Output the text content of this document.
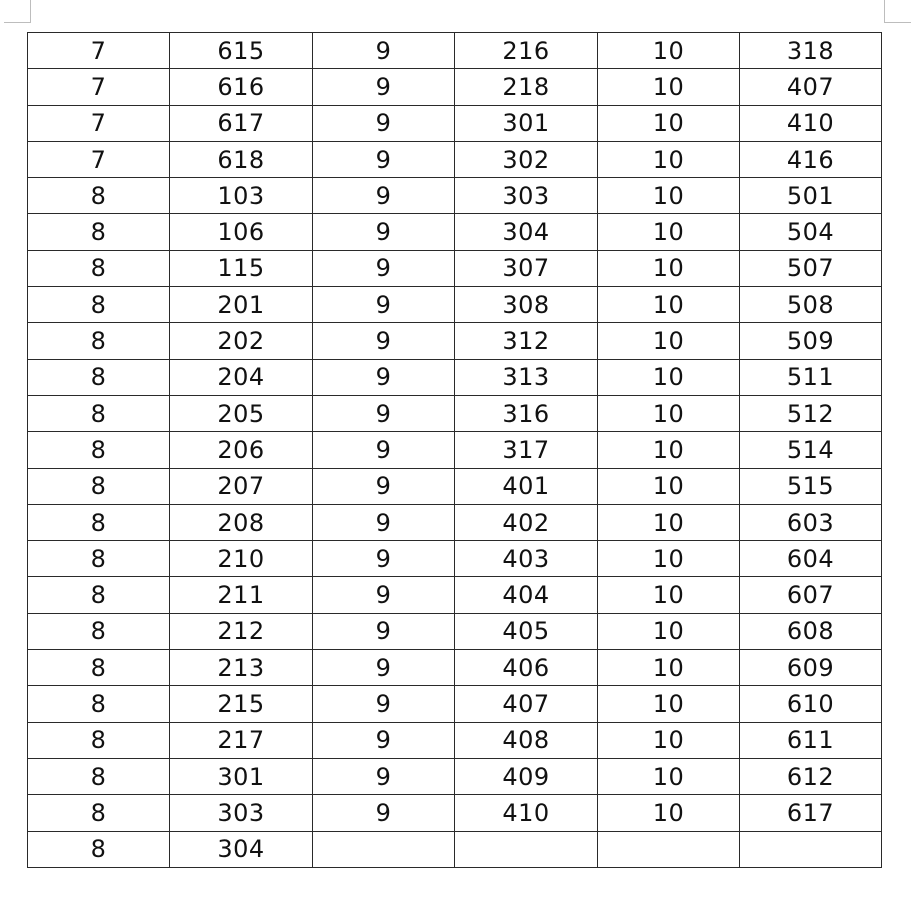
7	615	9	216	10	318
7	616	9	218	10	407
7	617	9	301	10	410
7	618	9	302	10	416
8	103	9	303	10	501
8	106	9	304	10	504
8	115	9	307	10	507
8	201	9	308	10	508
8	202	9	312	10	509
8	204	9	313	10	511
8	205	9	316	10	512
8	206	9	317	10	514
8	207	9	401	10	515
8	208	9	402	10	603
8	210	9	403	10	604
8	211	9	404	10	607
8	212	9	405	10	608
8	213	9	406	10	609
8	215	9	407	10	610
8	217	9	408	10	611
8	301	9	409	10	612
8	303	9	410	10	617
8	304				
